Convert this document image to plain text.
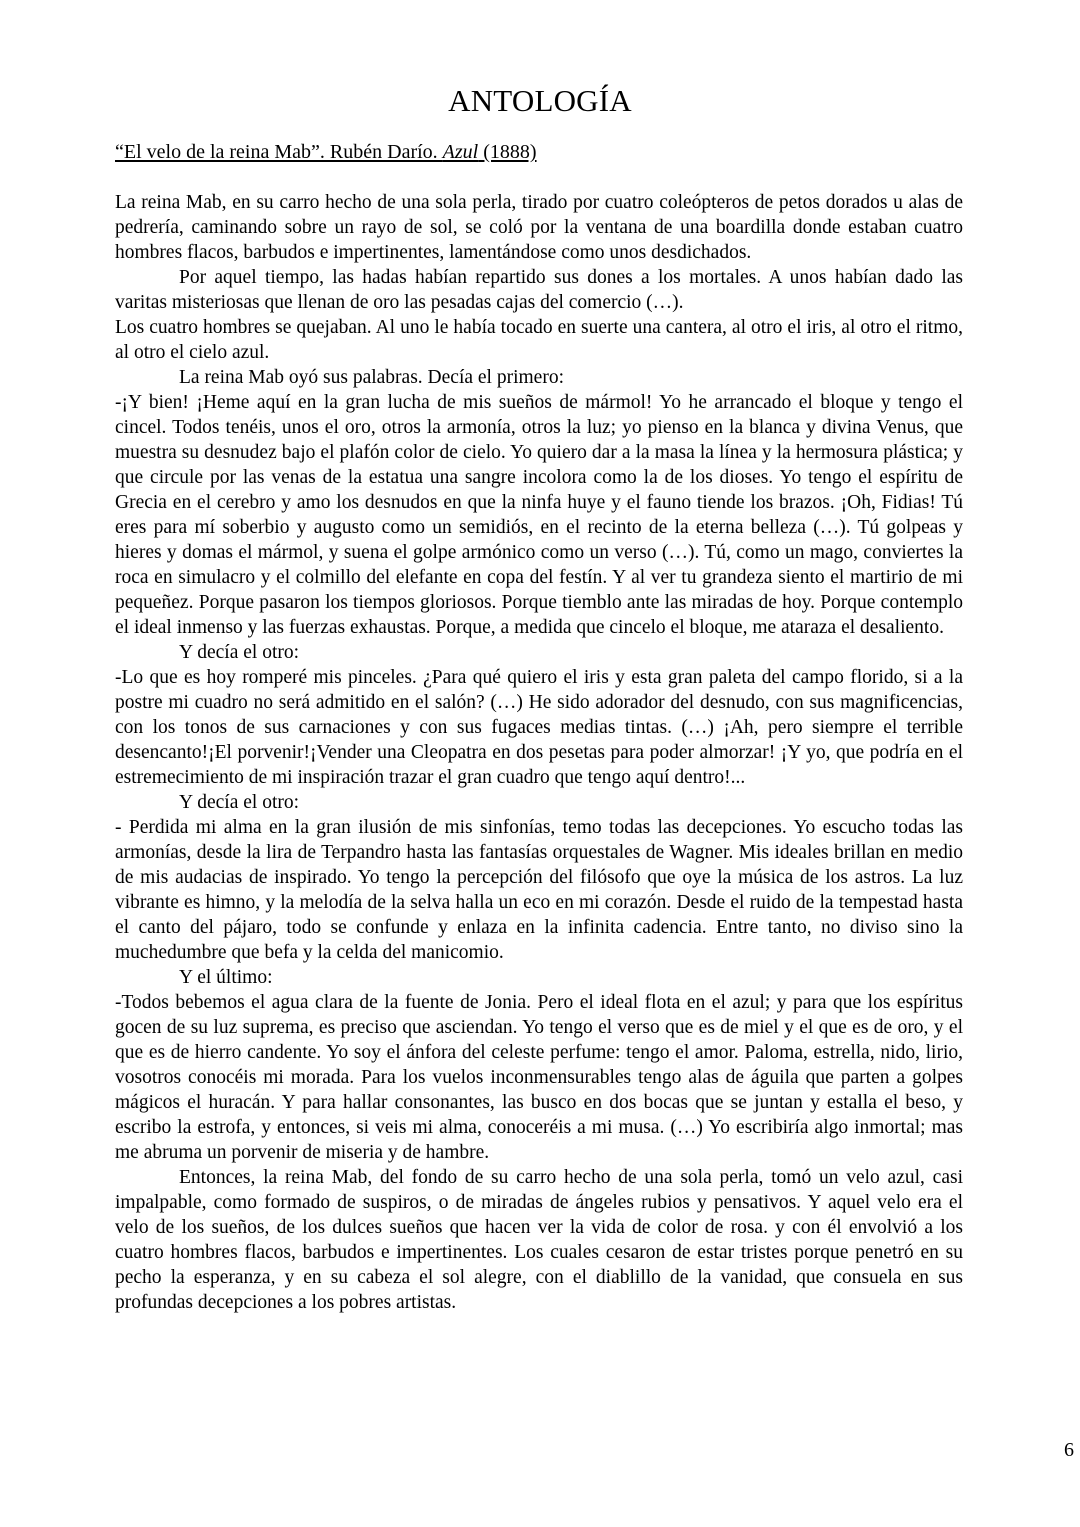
ANTOLOGÍA
“El velo de la reina Mab”. Rubén Darío. Azul (1888)

La reina Mab, en su carro hecho de una sola perla, tirado por cuatro coleópteros de petos dorados u alas de pedrería, caminando sobre un rayo de sol, se coló por la ventana de una boardilla donde estaban cuatro hombres flacos, barbudos e impertinentes, lamentándose como unos desdichados.

Por aquel tiempo, las hadas habían repartido sus dones a los mortales. A unos habían dado las varitas misteriosas que llenan de oro las pesadas cajas del comercio (…).

Los cuatro hombres se quejaban. Al uno le había tocado en suerte una cantera, al otro el iris, al otro el ritmo, al otro el cielo azul.

La reina Mab oyó sus palabras. Decía el primero:

-¡Y bien! ¡Heme aquí en la gran lucha de mis sueños de mármol! Yo he arrancado el bloque y tengo el cincel. Todos tenéis, unos el oro, otros la armonía, otros la luz; yo pienso en la blanca y divina Venus, que muestra su desnudez bajo el plafón color de cielo. Yo quiero dar a la masa la línea y la hermosura plástica; y que circule por las venas de la estatua una sangre incolora como la de los dioses. Yo tengo el espíritu de Grecia en el cerebro y amo los desnudos en que la ninfa huye y el fauno tiende los brazos. ¡Oh, Fidias! Tú eres para mí soberbio y augusto como un semidiós, en el recinto de la eterna belleza (…). Tú golpeas y hieres y domas el mármol, y suena el golpe armónico como un verso (…). Tú, como un mago, conviertes la roca en simulacro y el colmillo del elefante en copa del festín. Y al ver tu grandeza siento el martirio de mi pequeñez. Porque pasaron los tiempos gloriosos. Porque tiemblo ante las miradas de hoy. Porque contemplo el ideal inmenso y las fuerzas exhaustas. Porque, a medida que cincelo el bloque, me ataraza el desaliento.

Y decía el otro:

-Lo que es hoy romperé mis pinceles. ¿Para qué quiero el iris y esta gran paleta del campo florido, si a la postre mi cuadro no será admitido en el salón? (…) He sido adorador del desnudo, con sus magnificencias, con los tonos de sus carnaciones y con sus fugaces medias tintas. (…) ¡Ah, pero siempre el terrible desencanto!¡El porvenir!¡Vender una Cleopatra en dos pesetas para poder almorzar! ¡Y yo, que podría en el estremecimiento de mi inspiración trazar el gran cuadro que tengo aquí dentro!...

Y decía el otro:

- Perdida mi alma en la gran ilusión de mis sinfonías, temo todas las decepciones. Yo escucho todas las armonías, desde la lira de Terpandro hasta las fantasías orquestales de Wagner. Mis ideales brillan en medio de mis audacias de inspirado. Yo tengo la percepción del filósofo que oye la música de los astros. La luz vibrante es himno, y la melodía de la selva halla un eco en mi corazón. Desde el ruido de la tempestad hasta el canto del pájaro, todo se confunde y enlaza en la infinita cadencia. Entre tanto, no diviso sino la muchedumbre que befa y la celda del manicomio.

Y el último:

-Todos bebemos el agua clara de la fuente de Jonia. Pero el ideal flota en el azul; y para que los espíritus gocen de su luz suprema, es preciso que asciendan. Yo tengo el verso que es de miel y el que es de oro, y el que es de hierro candente. Yo soy el ánfora del celeste perfume: tengo el amor. Paloma, estrella, nido, lirio, vosotros conocéis mi morada. Para los vuelos inconmensurables tengo alas de águila que parten a golpes mágicos el huracán. Y para hallar consonantes, las busco en dos bocas que se juntan y estalla el beso, y escribo la estrofa, y entonces, si veis mi alma, conoceréis a mi musa. (…) Yo escribiría algo inmortal; mas me abruma un porvenir de miseria y de hambre.

Entonces, la reina Mab, del fondo de su carro hecho de una sola perla, tomó un velo azul, casi impalpable, como formado de suspiros, o de miradas de ángeles rubios y pensativos. Y aquel velo era el velo de los sueños, de los dulces sueños que hacen ver la vida de color de rosa. y con él envolvió a los cuatro hombres flacos, barbudos e impertinentes. Los cuales cesaron de estar tristes porque penetró en su pecho la esperanza, y en su cabeza el sol alegre, con el diablillo de la vanidad, que consuela en sus profundas decepciones a los pobres artistas.

6
